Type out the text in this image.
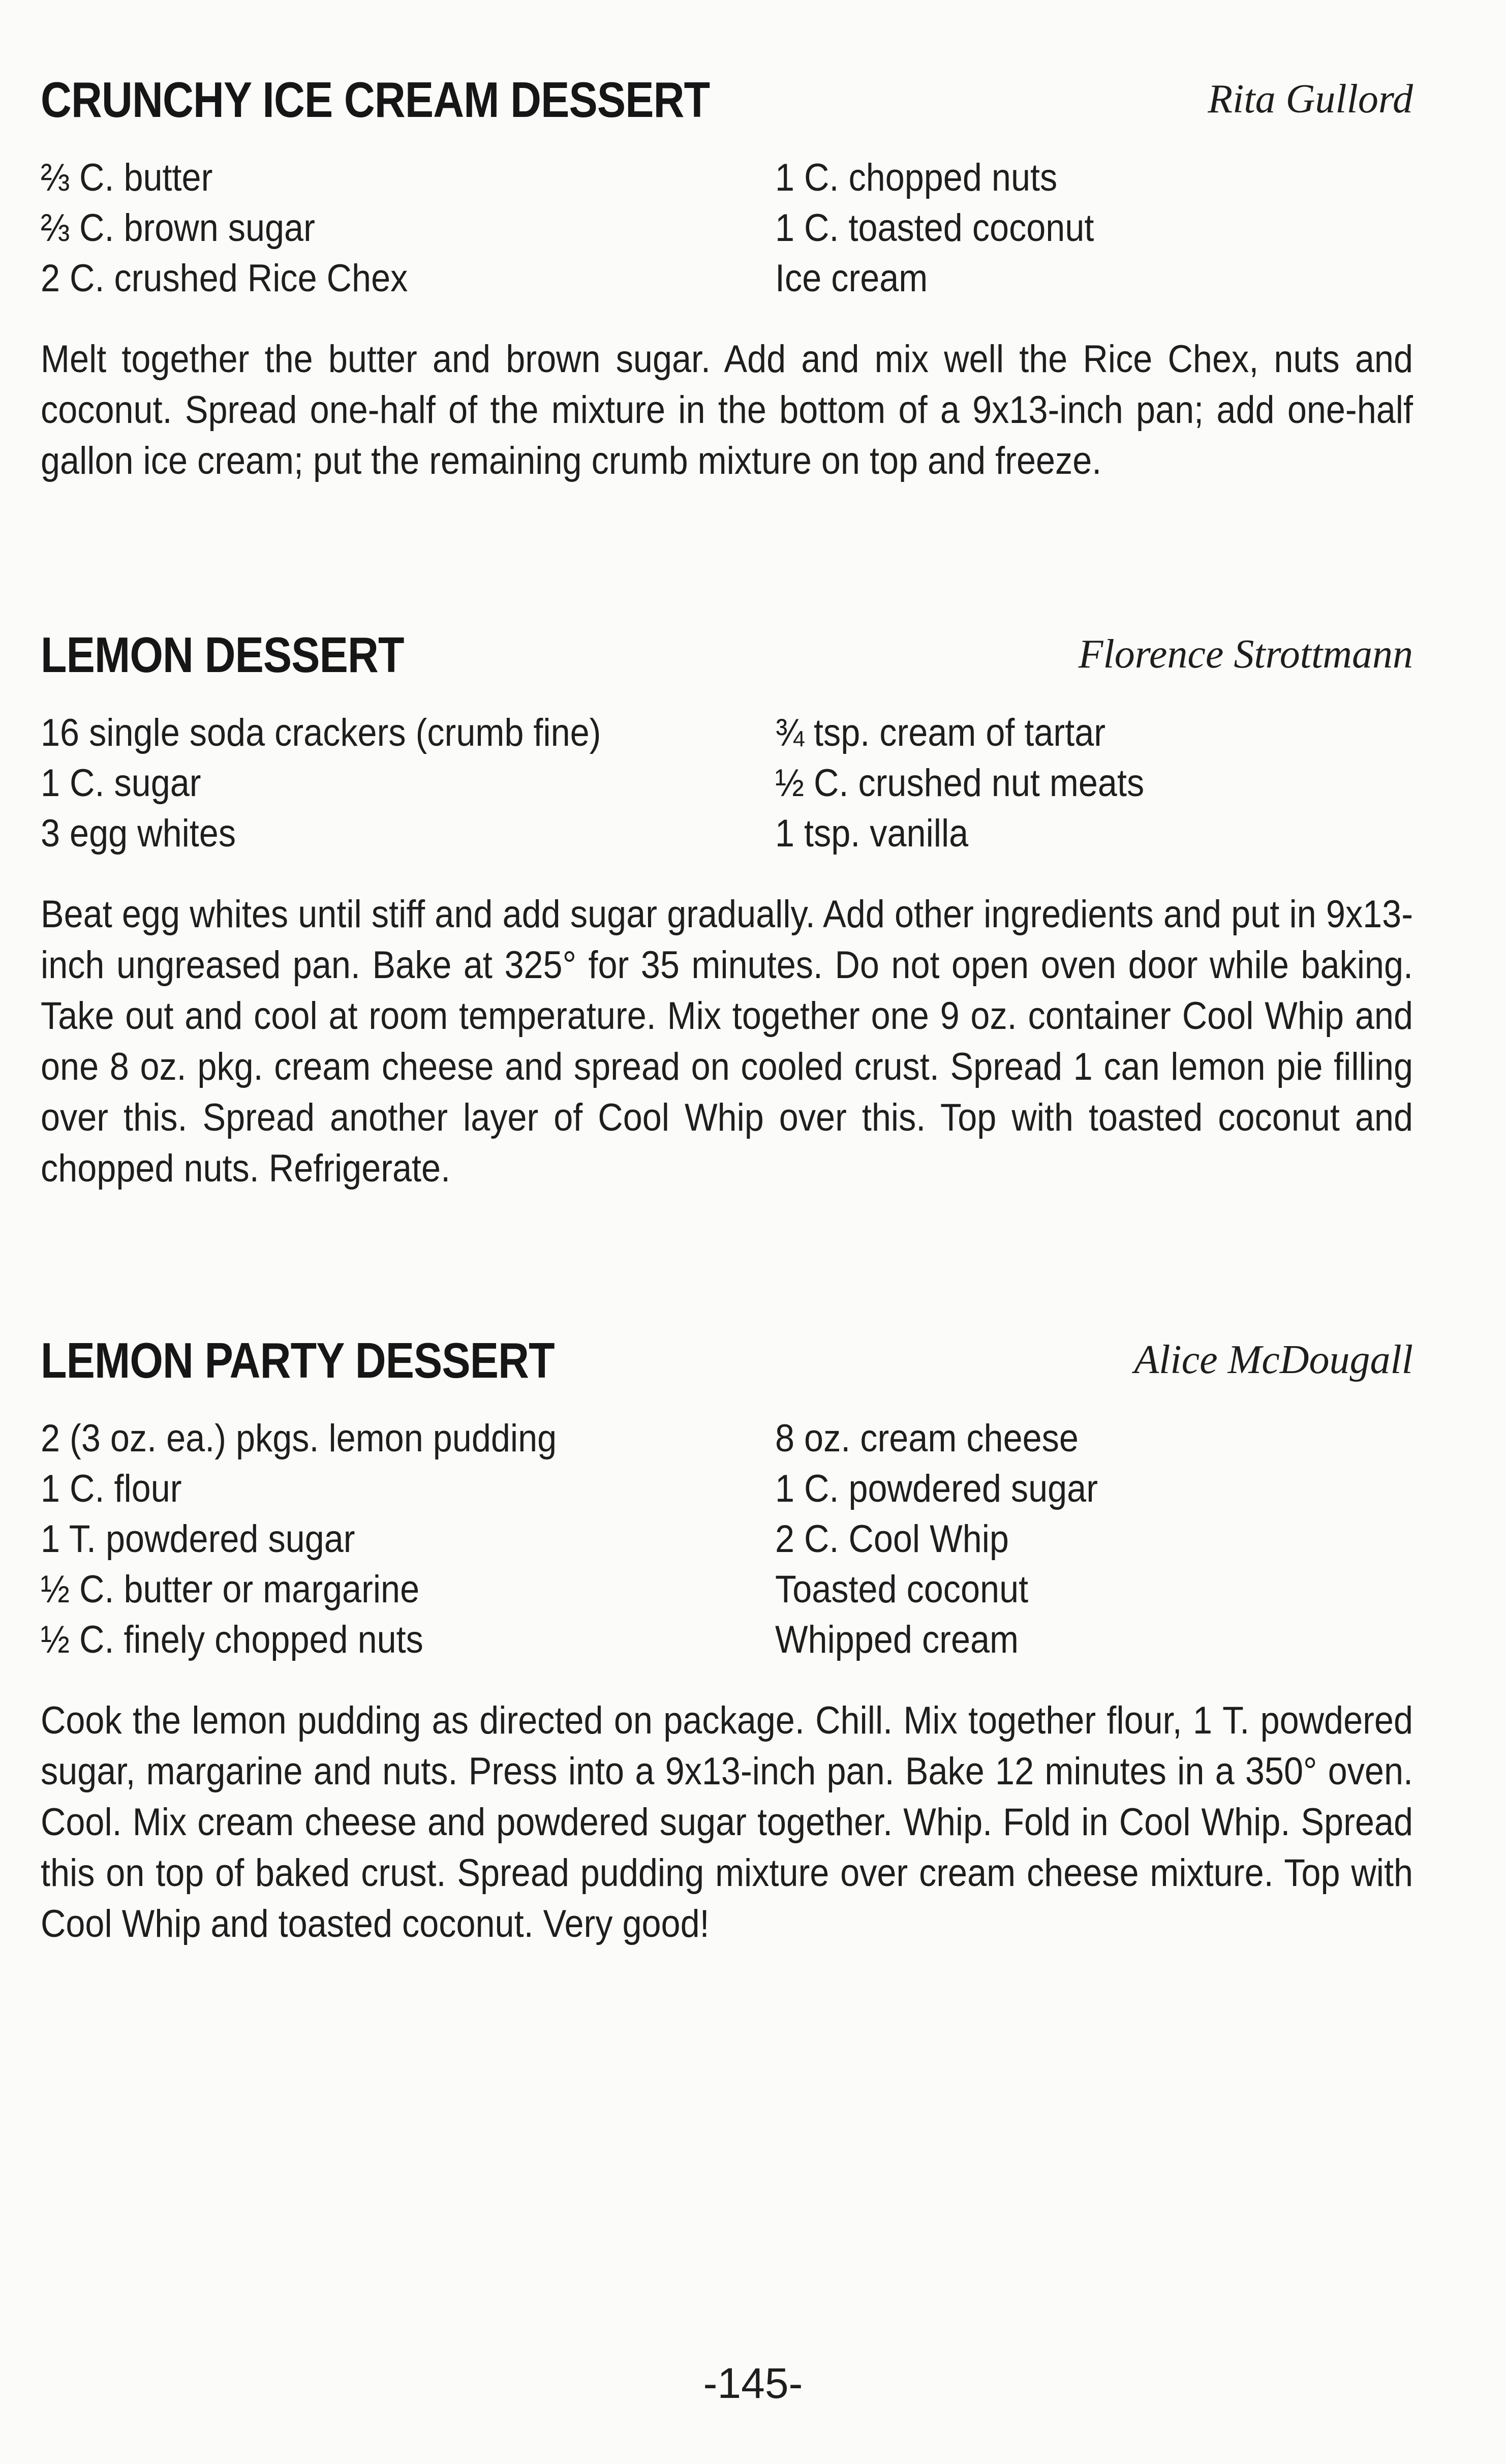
CRUNCHY ICE CREAM DESSERT	Rita Gullord
⅔ C. butter
⅔ C. brown sugar
2 C. crushed Rice Chex
1 C. chopped nuts
1 C. toasted coconut
Ice cream
Melt together the butter and brown sugar. Add and mix well the Rice Chex, nuts and coconut. Spread one-half of the mixture in the bottom of a 9x13-inch pan; add one-half gallon ice cream; put the remaining crumb mixture on top and freeze.
LEMON DESSERT	Florence Strottmann
16 single soda crackers (crumb fine)
1 C. sugar
3 egg whites
¾ tsp. cream of tartar
½ C. crushed nut meats
1 tsp. vanilla
Beat egg whites until stiff and add sugar gradually. Add other ingredients and put in 9x13-inch ungreased pan. Bake at 325° for 35 minutes. Do not open oven door while baking. Take out and cool at room temperature. Mix together one 9 oz. container Cool Whip and one 8 oz. pkg. cream cheese and spread on cooled crust. Spread 1 can lemon pie filling over this. Spread another layer of Cool Whip over this. Top with toasted coconut and chopped nuts. Refrigerate.
LEMON PARTY DESSERT	Alice McDougall
2 (3 oz. ea.) pkgs. lemon pudding
1 C. flour
1 T. powdered sugar
½ C. butter or margarine
½ C. finely chopped nuts
8 oz. cream cheese
1 C. powdered sugar
2 C. Cool Whip
Toasted coconut
Whipped cream
Cook the lemon pudding as directed on package. Chill. Mix together flour, 1 T. powdered sugar, margarine and nuts. Press into a 9x13-inch pan. Bake 12 minutes in a 350° oven. Cool. Mix cream cheese and powdered sugar together. Whip. Fold in Cool Whip. Spread this on top of baked crust. Spread pudding mixture over cream cheese mixture. Top with Cool Whip and toasted coconut. Very good!
-145-
